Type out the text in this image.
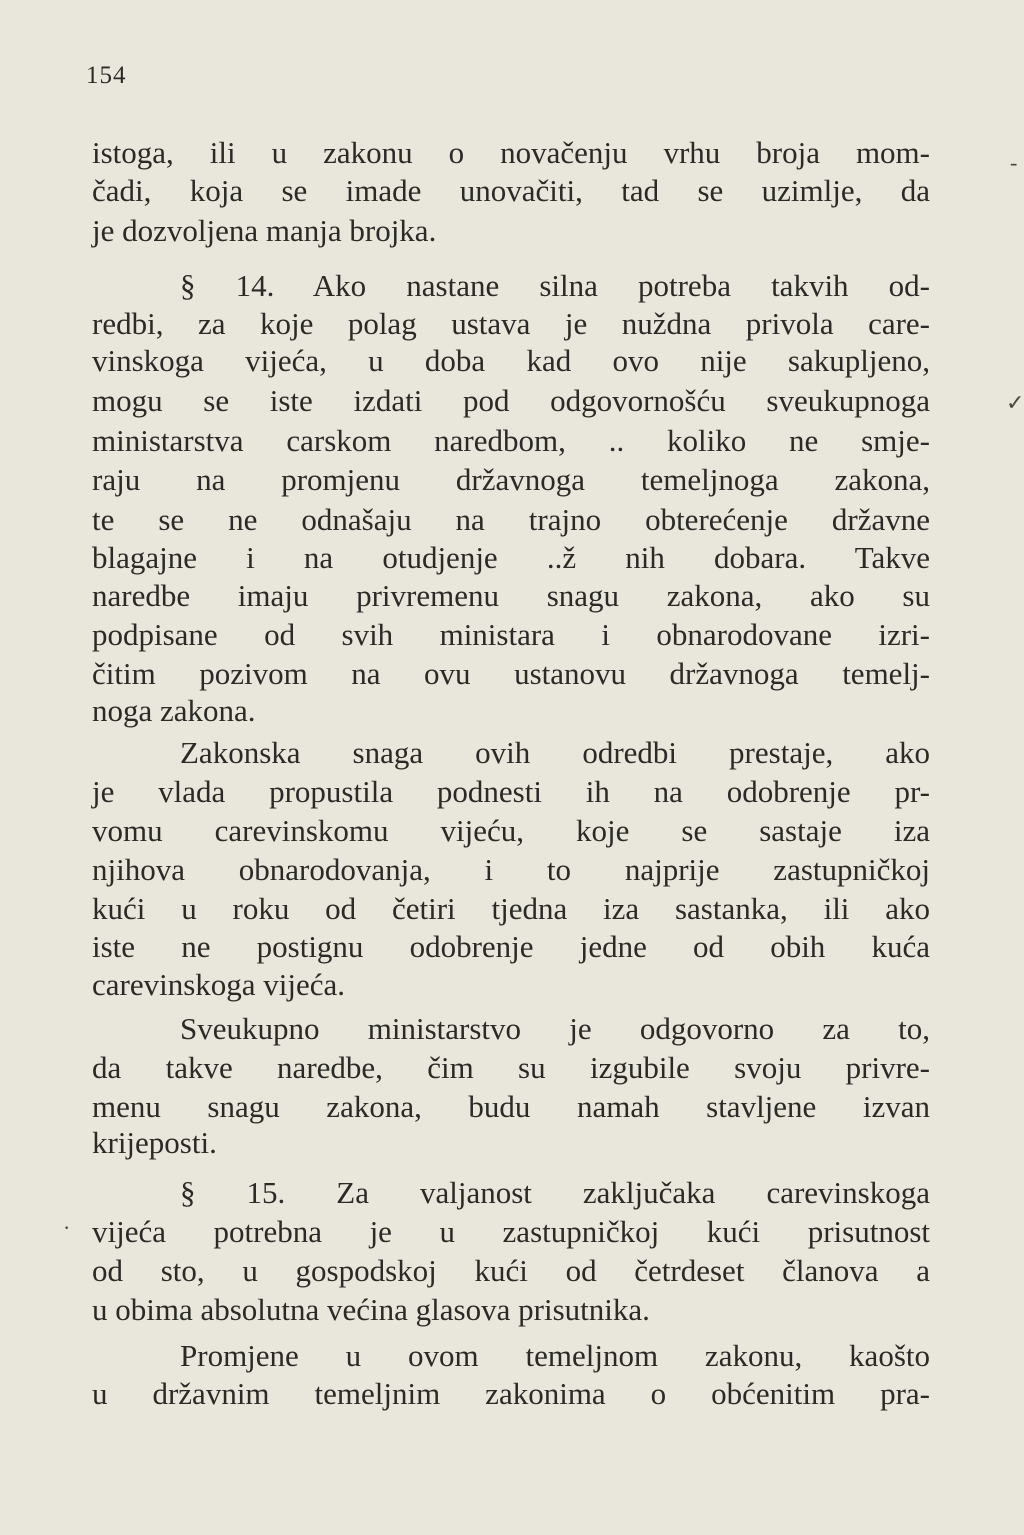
154
istoga, ili u zakonu o novačenju vrhu broja mom-
čadi, koja se imade unovačiti, tad se uzimlje, da
je dozvoljena manja brojka.
§ 14. Ako nastane silna potreba takvih od-
redbi, za koje polag ustava je nuždna privola care-
vinskoga vijeća, u doba kad ovo nije sakupljeno,
mogu se iste izdati pod odgovornošću sveukupnoga
ministarstva carskom naredbom, .. koliko ne smje-
raju na promjenu državnoga temeljnoga zakona,
te se ne odnašaju na trajno obterećenje državne
blagajne i na otudjenje ..ž nih dobara. Takve
naredbe imaju privremenu snagu zakona, ako su
podpisane od svih ministara i obnarodovane izri-
čitim pozivom na ovu ustanovu državnoga temelj-
noga zakona.
Zakonska snaga ovih odredbi prestaje, ako
je vlada propustila podnesti ih na odobrenje pr-
vomu carevinskomu vijeću, koje se sastaje iza
njihova obnarodovanja, i to najprije zastupničkoj
kući u roku od četiri tjedna iza sastanka, ili ako
iste ne postignu odobrenje jedne od obih kuća
carevinskoga vijeća.
Sveukupno ministarstvo je odgovorno za to,
da takve naredbe, čim su izgubile svoju privre-
menu snagu zakona, budu namah stavljene izvan
krijeposti.
§ 15. Za valjanost zaključaka carevinskoga
vijeća potrebna je u zastupničkoj kući prisutnost
od sto, u gospodskoj kući od četrdeset članova a
u obima absolutna većina glasova prisutnika.
Promjene u ovom temeljnom zakonu, kaošto
u državnim temeljnim zakonima o obćenitim pra-
‐
✓
·
